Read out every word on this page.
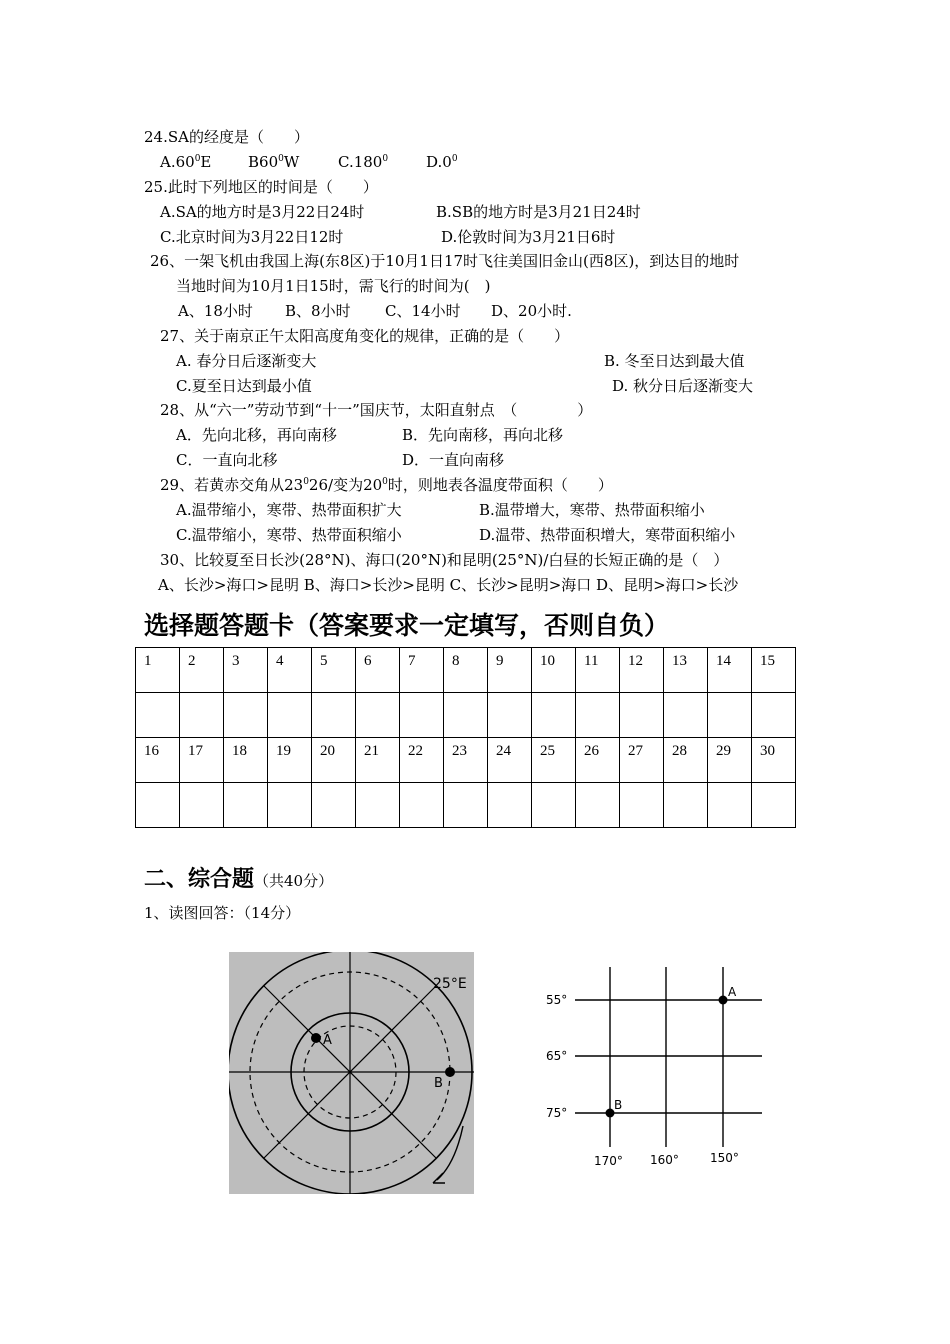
24.SA的经度是（　　）
$A.60^0E$ $B60^0W$	C.180$^0$	$D.0^0$
25.此时下列地区的时间是（　　）
A.SA的地方时是3月22日24时	B.SB的地方时是3月21日24时
C.北京时间为3月22日12时	D.伦敦时间为3月21日6时
26、一架飞机由我国上海(东8区)于10月1日17时飞往美国旧金山(西8区)，到达目的地时
当地时间为10月1日15时，需飞行的时间为(　)
A、18小时 B、8小时 C、14小时 D、20小时.
27、关于南京正午太阳高度角变化的规律，正确的是（　　）
A. 春分日后逐渐变大	B. 冬至日达到最大值
C.夏至日达到最小值	D. 秋分日后逐渐变大
28、从“六一”劳动节到“十一”国庆节，太阳直射点　（　　　　）
A．先向北移，再向南移	B．先向南移，再向北移
C．一直向北移	D．一直向南移
29、若黄赤交角从$23^026/$变为$20^0$时，则地表各温度带面积（　　）
A.温带缩小，寒带、热带面积扩大	B.温带增大，寒带、热带面积缩小
C.温带缩小，寒带、热带面积缩小	D.温带、热带面积增大，寒带面积缩小
30、比较夏至日长沙(28°N)、海口(20°N)和昆明(25°N)/白昼的长短正确的是（　）
A、长沙>海口>昆明 B、海口>长沙>昆明 C、长沙>昆明>海口 D、昆明>海口>长沙
选择题答题卡（答案要求一定填写，否则自负）
1	2	3	4	5	6	7	8	9	10	11	12	13	14	15

16	17	18	19	20	21	22	23	24	25	26	27	28	29	30

二、综合题（共40分）
1、读图回答：（14分）
A
B
25°E	A
B
55°
65°
75°
170° 160°	150°
